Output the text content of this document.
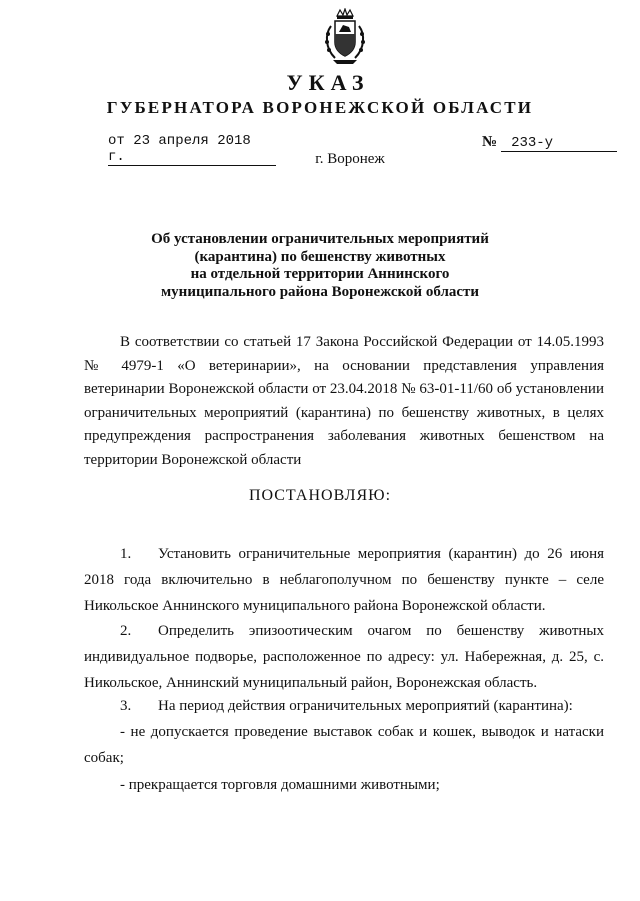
УКАЗ
ГУБЕРНАТОРА ВОРОНЕЖСКОЙ ОБЛАСТИ
от 23 апреля 2018 г.
№ 233-у
г. Воронеж
Об установлении ограничительных мероприятий
(карантина) по бешенству животных
на отдельной территории Аннинского
муниципального района Воронежской области

В соответствии со статьей 17 Закона Российской Федерации от 14.05.1993 № 4979-1 «О ветеринарии», на основании представления управления ветеринарии Воронежской области от 23.04.2018 № 63-01-11/60 об установлении ограничительных мероприятий (карантина) по бешенству животных, в целях предупреждения распространения заболевания животных бешенством на территории Воронежской области

ПОСТАНОВЛЯЮ:

1. Установить ограничительные мероприятия (карантин) до 26 июня 2018 года включительно в неблагополучном по бешенству пункте – селе Никольское Аннинского муниципального района Воронежской области.

2. Определить эпизоотическим очагом по бешенству животных индивидуальное подворье, расположенное по адресу: ул. Набережная, д. 25, с. Никольское, Аннинский муниципальный район, Воронежская область.

3. На период действия ограничительных мероприятий (карантина):

- не допускается проведение выставок собак и кошек, выводок и натаски собак;

- прекращается торговля домашними животными;
